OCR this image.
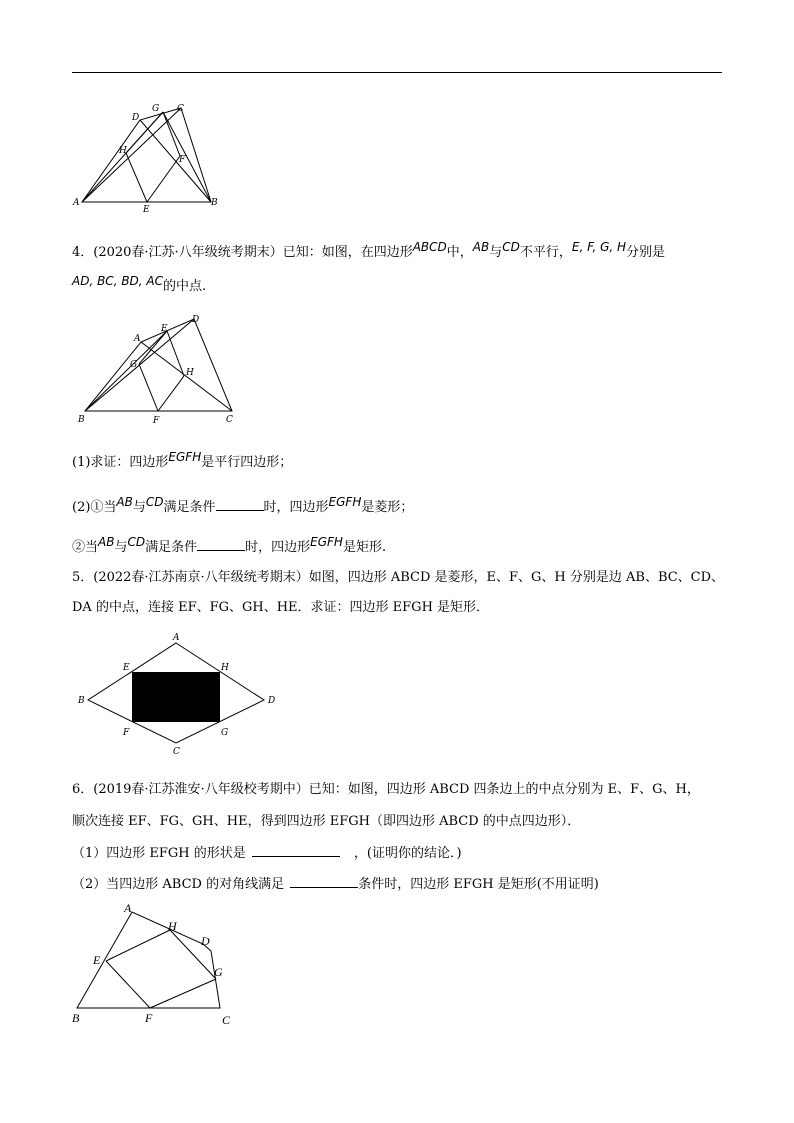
A	B
C
D
E
F
G
H
4．(2020春·江苏·八年级统考期末）已知：如图，在四边形ABCD中，AB与CD不平行，E, F, G, H分别是
AD, BC, BD, AC的中点.
A
B	C
D
E
F
G
H
(1)求证：四边形EGFH是平行四边形；
(2)①当AB与CD满足条件	时，四边形EGFH是菱形；
②当AB与CD满足条件	时，四边形EGFH是矩形.
5．(2022春·江苏南京·八年级统考期末）如图，四边形 ABCD 是菱形，E、F、G、H 分别是边 AB、BC、CD、
DA 的中点，连接 EF、FG、GH、HE．求证：四边形 EFGH 是矩形．
A
B
C
D
E
F	G
H
6．(2019春·江苏淮安·八年级校考期中）已知：如图，四边形 ABCD 四条边上的中点分别为 E、F、G、H，
顺次连接 EF、FG、GH、HE，得到四边形 EFGH（即四边形 ABCD 的中点四边形）．
（1）四边形 EFGH 的形状是	，(证明你的结论．)
（2）当四边形 ABCD 的对角线满足	条件时，四边形 EFGH 是矩形(不用证明)
A
B	C
D
E
F
G
H
